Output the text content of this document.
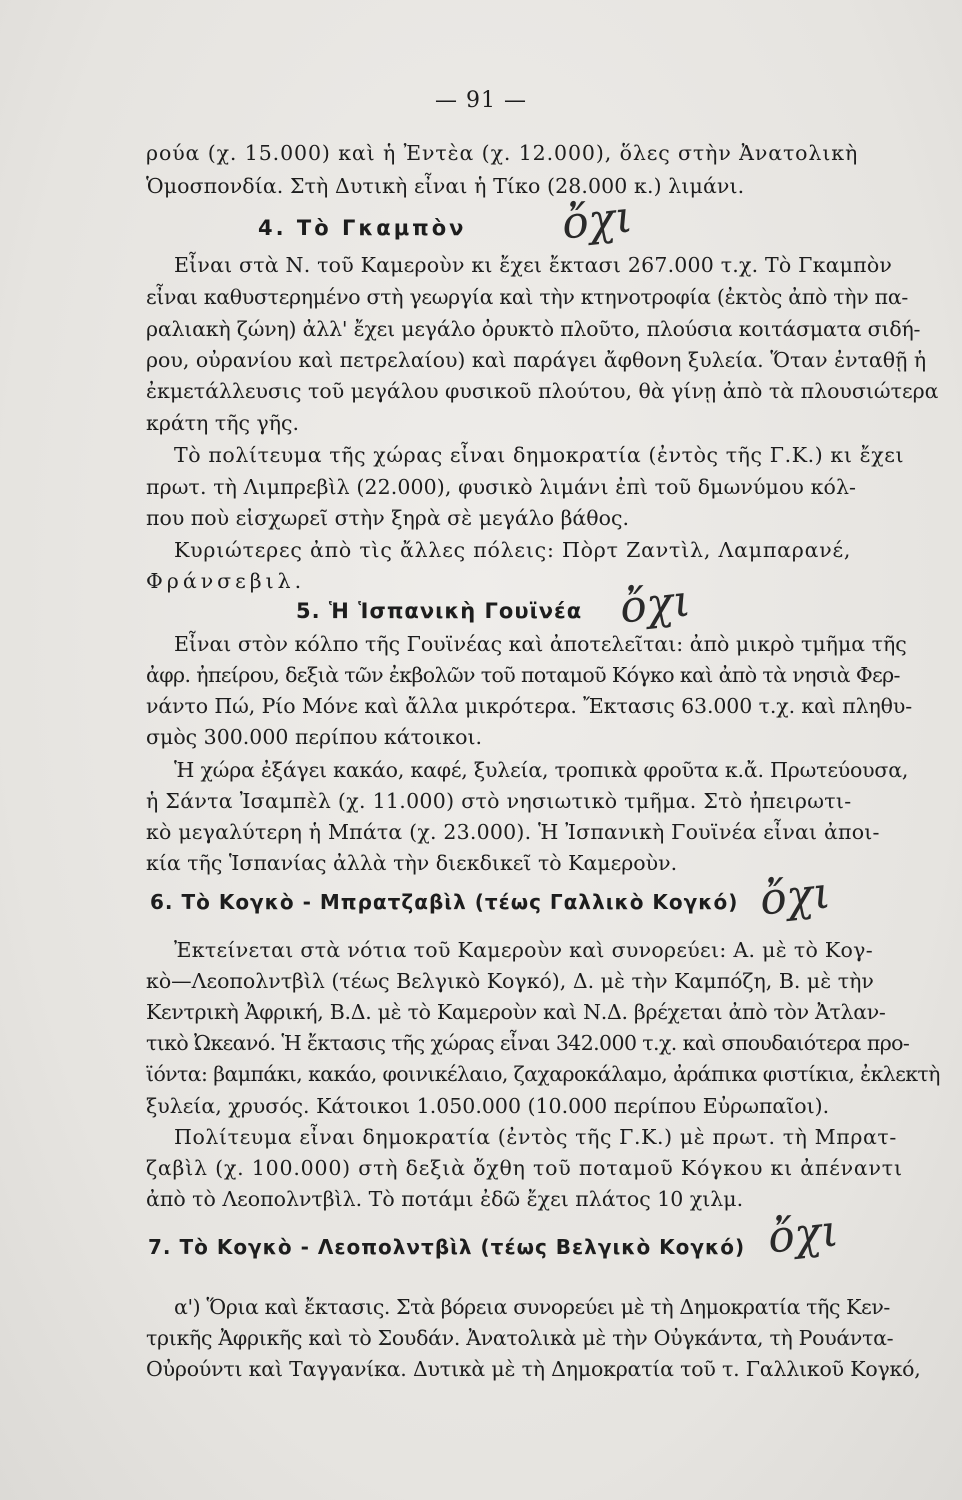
— 91 —
ρούα (χ. 15.000) καὶ ἡ Ἐντὲα (χ. 12.000), ὅλες στὴν Ἀνατολικὴ
Ὁμοσπονδία. Στὴ Δυτικὴ εἶναι ἡ Τίκο (28.000 κ.) λιμάνι.
4. Τὸ Γκαμπὸν ὄχι
Εἶναι στὰ Ν. τοῦ Καμεροὺν κι ἔχει ἔκτασι 267.000 τ.χ. Τὸ Γκαμπὸν
εἶναι καθυστερημένο στὴ γεωργία καὶ τὴν κτηνοτροφία (ἐκτὸς ἀπὸ τὴν πα-
ραλιακὴ ζώνη) ἀλλ' ἔχει μεγάλο ὀρυκτὸ πλοῦτο, πλούσια κοιτάσματα σιδή-
ρου, οὐρανίου καὶ πετρελαίου) καὶ παράγει ἄφθονη ξυλεία. Ὅταν ἐνταθῇ ἡ
ἐκμετάλλευσις τοῦ μεγάλου φυσικοῦ πλούτου, θὰ γίνῃ ἀπὸ τὰ πλουσιώτερα
κράτη τῆς γῆς.
Τὸ πολίτευμα τῆς χώρας εἶναι δημοκρατία (ἐντὸς τῆς Γ.Κ.) κι ἔχει
πρωτ. τὴ Λιμπρεβὶλ (22.000), φυσικὸ λιμάνι ἐπὶ τοῦ δμωνύμου κόλ-
που ποὺ εἰσχωρεῖ στὴν ξηρὰ σὲ μεγάλο βάθος.
Κυριώτερες ἀπὸ τὶς ἄλλες πόλεις: Πὸρτ Ζαντὶλ, Λαμπαρανέ,
Φράνσεβιλ.
5. Ἡ Ἱσπανικὴ Γουϊνέα ὄχι
Εἶναι στὸν κόλπο τῆς Γουϊνέας καὶ ἀποτελεῖται: ἀπὸ μικρὸ τμῆμα τῆς
ἀφρ. ἠπείρου, δεξιὰ τῶν ἐκβολῶν τοῦ ποταμοῦ Κόγκο καὶ ἀπὸ τὰ νησιὰ Φερ-
νάντο Πώ, Ρίο Μόνε καὶ ἄλλα μικρότερα. Ἔκτασις 63.000 τ.χ. καὶ πληθυ-
σμὸς 300.000 περίπου κάτοικοι.
Ἡ χώρα ἐξάγει κακάο, καφέ, ξυλεία, τροπικὰ φροῦτα κ.ἄ. Πρωτεύουσα,
ἡ Σάντα Ἰσαμπὲλ (χ. 11.000) στὸ νησιωτικὸ τμῆμα. Στὸ ἠπειρωτι-
κὸ μεγαλύτερη ἡ Μπάτα (χ. 23.000). Ἡ Ἰσπανικὴ Γουϊνέα εἶναι ἀποι-
κία τῆς Ἱσπανίας ἀλλὰ τὴν διεκδικεῖ τὸ Καμεροὺν.
6. Τὸ Κογκὸ - Μπρατζαβὶλ (τέως Γαλλικὸ Κογκό) ὄχι
Ἐκτείνεται στὰ νότια τοῦ Καμεροὺν καὶ συνορεύει: Α. μὲ τὸ Κογ-
κὸ—Λεοπολντβὶλ (τέως Βελγικὸ Κογκό), Δ. μὲ τὴν Καμπόζη, Β. μὲ τὴν
Κεντρικὴ Ἀφρική, Β.Δ. μὲ τὸ Καμεροὺν καὶ Ν.Δ. βρέχεται ἀπὸ τὸν Ἀτλαν-
τικὸ Ὠκεανό. Ἡ ἔκτασις τῆς χώρας εἶναι 342.000 τ.χ. καὶ σπουδαιότερα προ-
ϊόντα: βαμπάκι, κακάο, φοινικέλαιο, ζαχαροκάλαμο, ἀράπικα φιστίκια, ἐκλεκτὴ
ξυλεία, χρυσός. Κάτοικοι 1.050.000 (10.000 περίπου Εὐρωπαῖοι).
Πολίτευμα εἶναι δημοκρατία (ἐντὸς τῆς Γ.Κ.) μὲ πρωτ. τὴ Μπρατ-
ζαβὶλ (χ. 100.000) στὴ δεξιὰ ὄχθη τοῦ ποταμοῦ Κόγκου κι ἀπέναντι
ἀπὸ τὸ Λεοπολντβὶλ. Τὸ ποτάμι ἐδῶ ἔχει πλάτος 10 χιλμ.
7. Τὸ Κογκὸ - Λεοπολντβὶλ (τέως Βελγικὸ Κογκό) ὄχι
α') Ὅρια καὶ ἔκτασις. Στὰ βόρεια συνορεύει μὲ τὴ Δημοκρατία τῆς Κεν-
τρικῆς Ἀφρικῆς καὶ τὸ Σουδάν. Ἀνατολικὰ μὲ τὴν Οὐγκάντα, τὴ Ρουάντα-
Οὐρούντι καὶ Ταγγανίκα. Δυτικὰ μὲ τὴ Δημοκρατία τοῦ τ. Γαλλικοῦ Κογκό,
